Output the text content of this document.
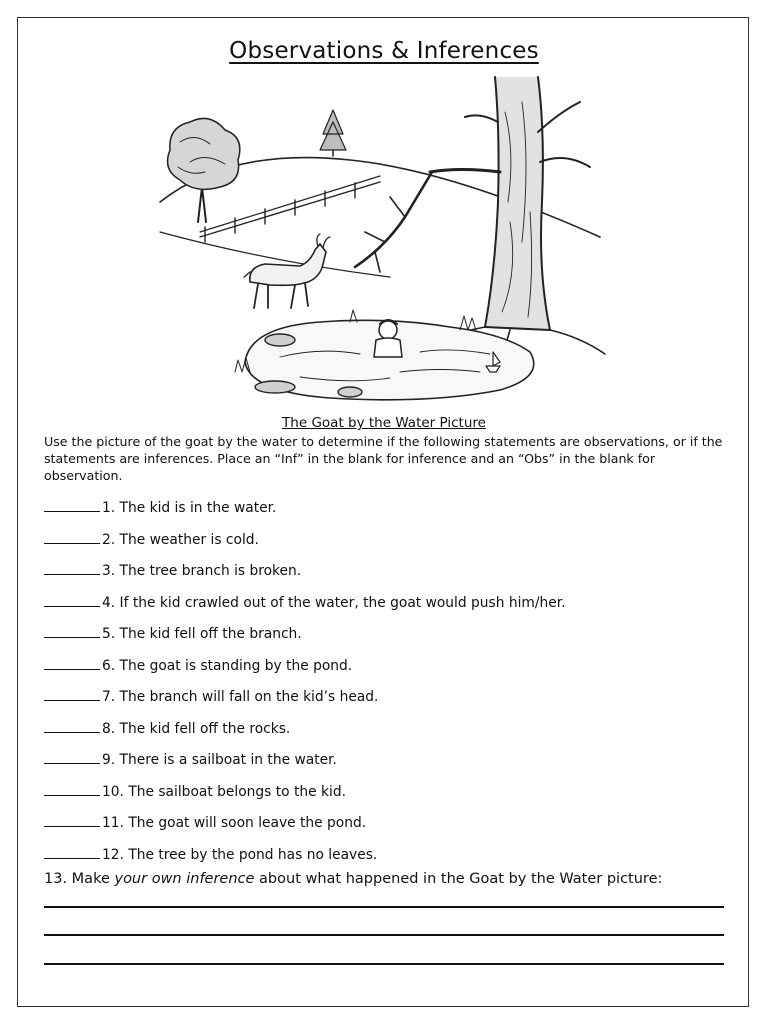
Observations & Inferences
The Goat by the Water Picture
Use the picture of the goat by the water to determine if the following statements are observations, or if the statements are inferences. Place an “Inf” in the blank for inference and an “Obs” in the blank for observation.
1. The kid is in the water.
2. The weather is cold.
3. The tree branch is broken.
4. If the kid crawled out of the water, the goat would push him/her.
5. The kid fell off the branch.
6. The goat is standing by the pond.
7. The branch will fall on the kid’s head.
8. The kid fell off the rocks.
9. There is a sailboat in the water.
10. The sailboat belongs to the kid.
11. The goat will soon leave the pond.
12. The tree by the pond has no leaves.
13. Make your own inference about what happened in the Goat by the Water picture:
